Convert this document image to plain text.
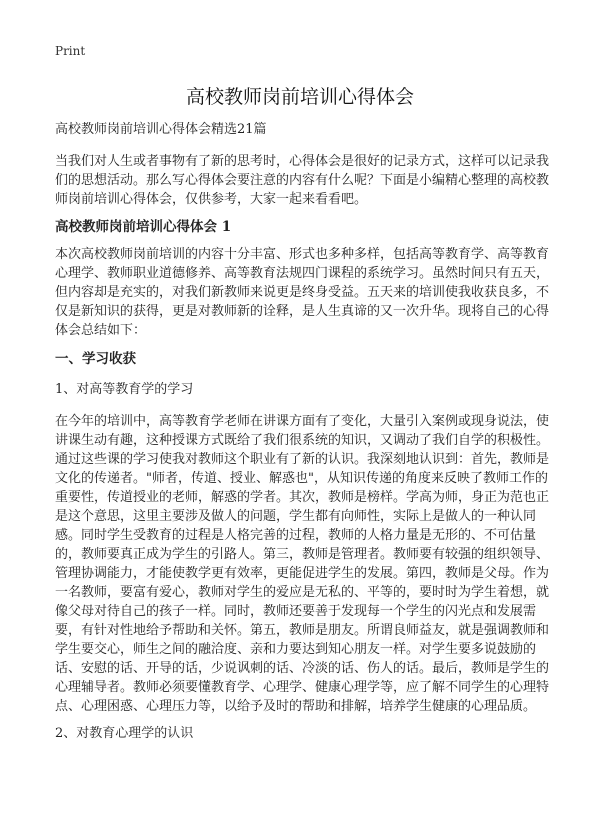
Print
高校教师岗前培训心得体会

高校教师岗前培训心得体会精选21篇

当我们对人生或者事物有了新的思考时，心得体会是很好的记录方式，这样可以记录我们的思想活动。那么写心得体会要注意的内容有什么呢？下面是小编精心整理的高校教师岗前培训心得体会，仅供参考，大家一起来看看吧。

高校教师岗前培训心得体会 1

本次高校教师岗前培训的内容十分丰富、形式也多种多样，包括高等教育学、高等教育心理学、教师职业道德修养、高等教育法规四门课程的系统学习。虽然时间只有五天，但内容却是充实的，对我们新教师来说更是终身受益。五天来的培训使我收获良多，不仅是新知识的获得，更是对教师新的诠释，是人生真谛的又一次升华。现将自己的心得体会总结如下：

一、学习收获

1、对高等教育学的学习

在今年的培训中，高等教育学老师在讲课方面有了变化，大量引入案例或现身说法，使讲课生动有趣，这种授课方式既给了我们很系统的知识，又调动了我们自学的积极性。通过这些课的学习使我对教师这个职业有了新的认识。我深刻地认识到：首先，教师是文化的传递者。"师者，传道、授业、解惑也"，从知识传递的角度来反映了教师工作的重要性，传道授业的老师，解惑的学者。其次，教师是榜样。学高为师，身正为范也正是这个意思，这里主要涉及做人的问题，学生都有向师性，实际上是做人的一种认同感。同时学生受教育的过程是人格完善的过程，教师的人格力量是无形的、不可估量的，教师要真正成为学生的引路人。第三，教师是管理者。教师要有较强的组织领导、管理协调能力，才能使教学更有效率，更能促进学生的发展。第四，教师是父母。作为一名教师，要富有爱心，教师对学生的爱应是无私的、平等的，要时时为学生着想，就像父母对待自己的孩子一样。同时，教师还要善于发现每一个学生的闪光点和发展需要，有针对性地给予帮助和关怀。第五，教师是朋友。所谓良师益友，就是强调教师和学生要交心，师生之间的融洽度、亲和力要达到知心朋友一样。对学生要多说鼓励的话、安慰的话、开导的话，少说讽刺的话、冷淡的话、伤人的话。最后，教师是学生的心理辅导者。教师必须要懂教育学、心理学、健康心理学等，应了解不同学生的心理特点、心理困惑、心理压力等，以给予及时的帮助和排解，培养学生健康的心理品质。

2、对教育心理学的认识
